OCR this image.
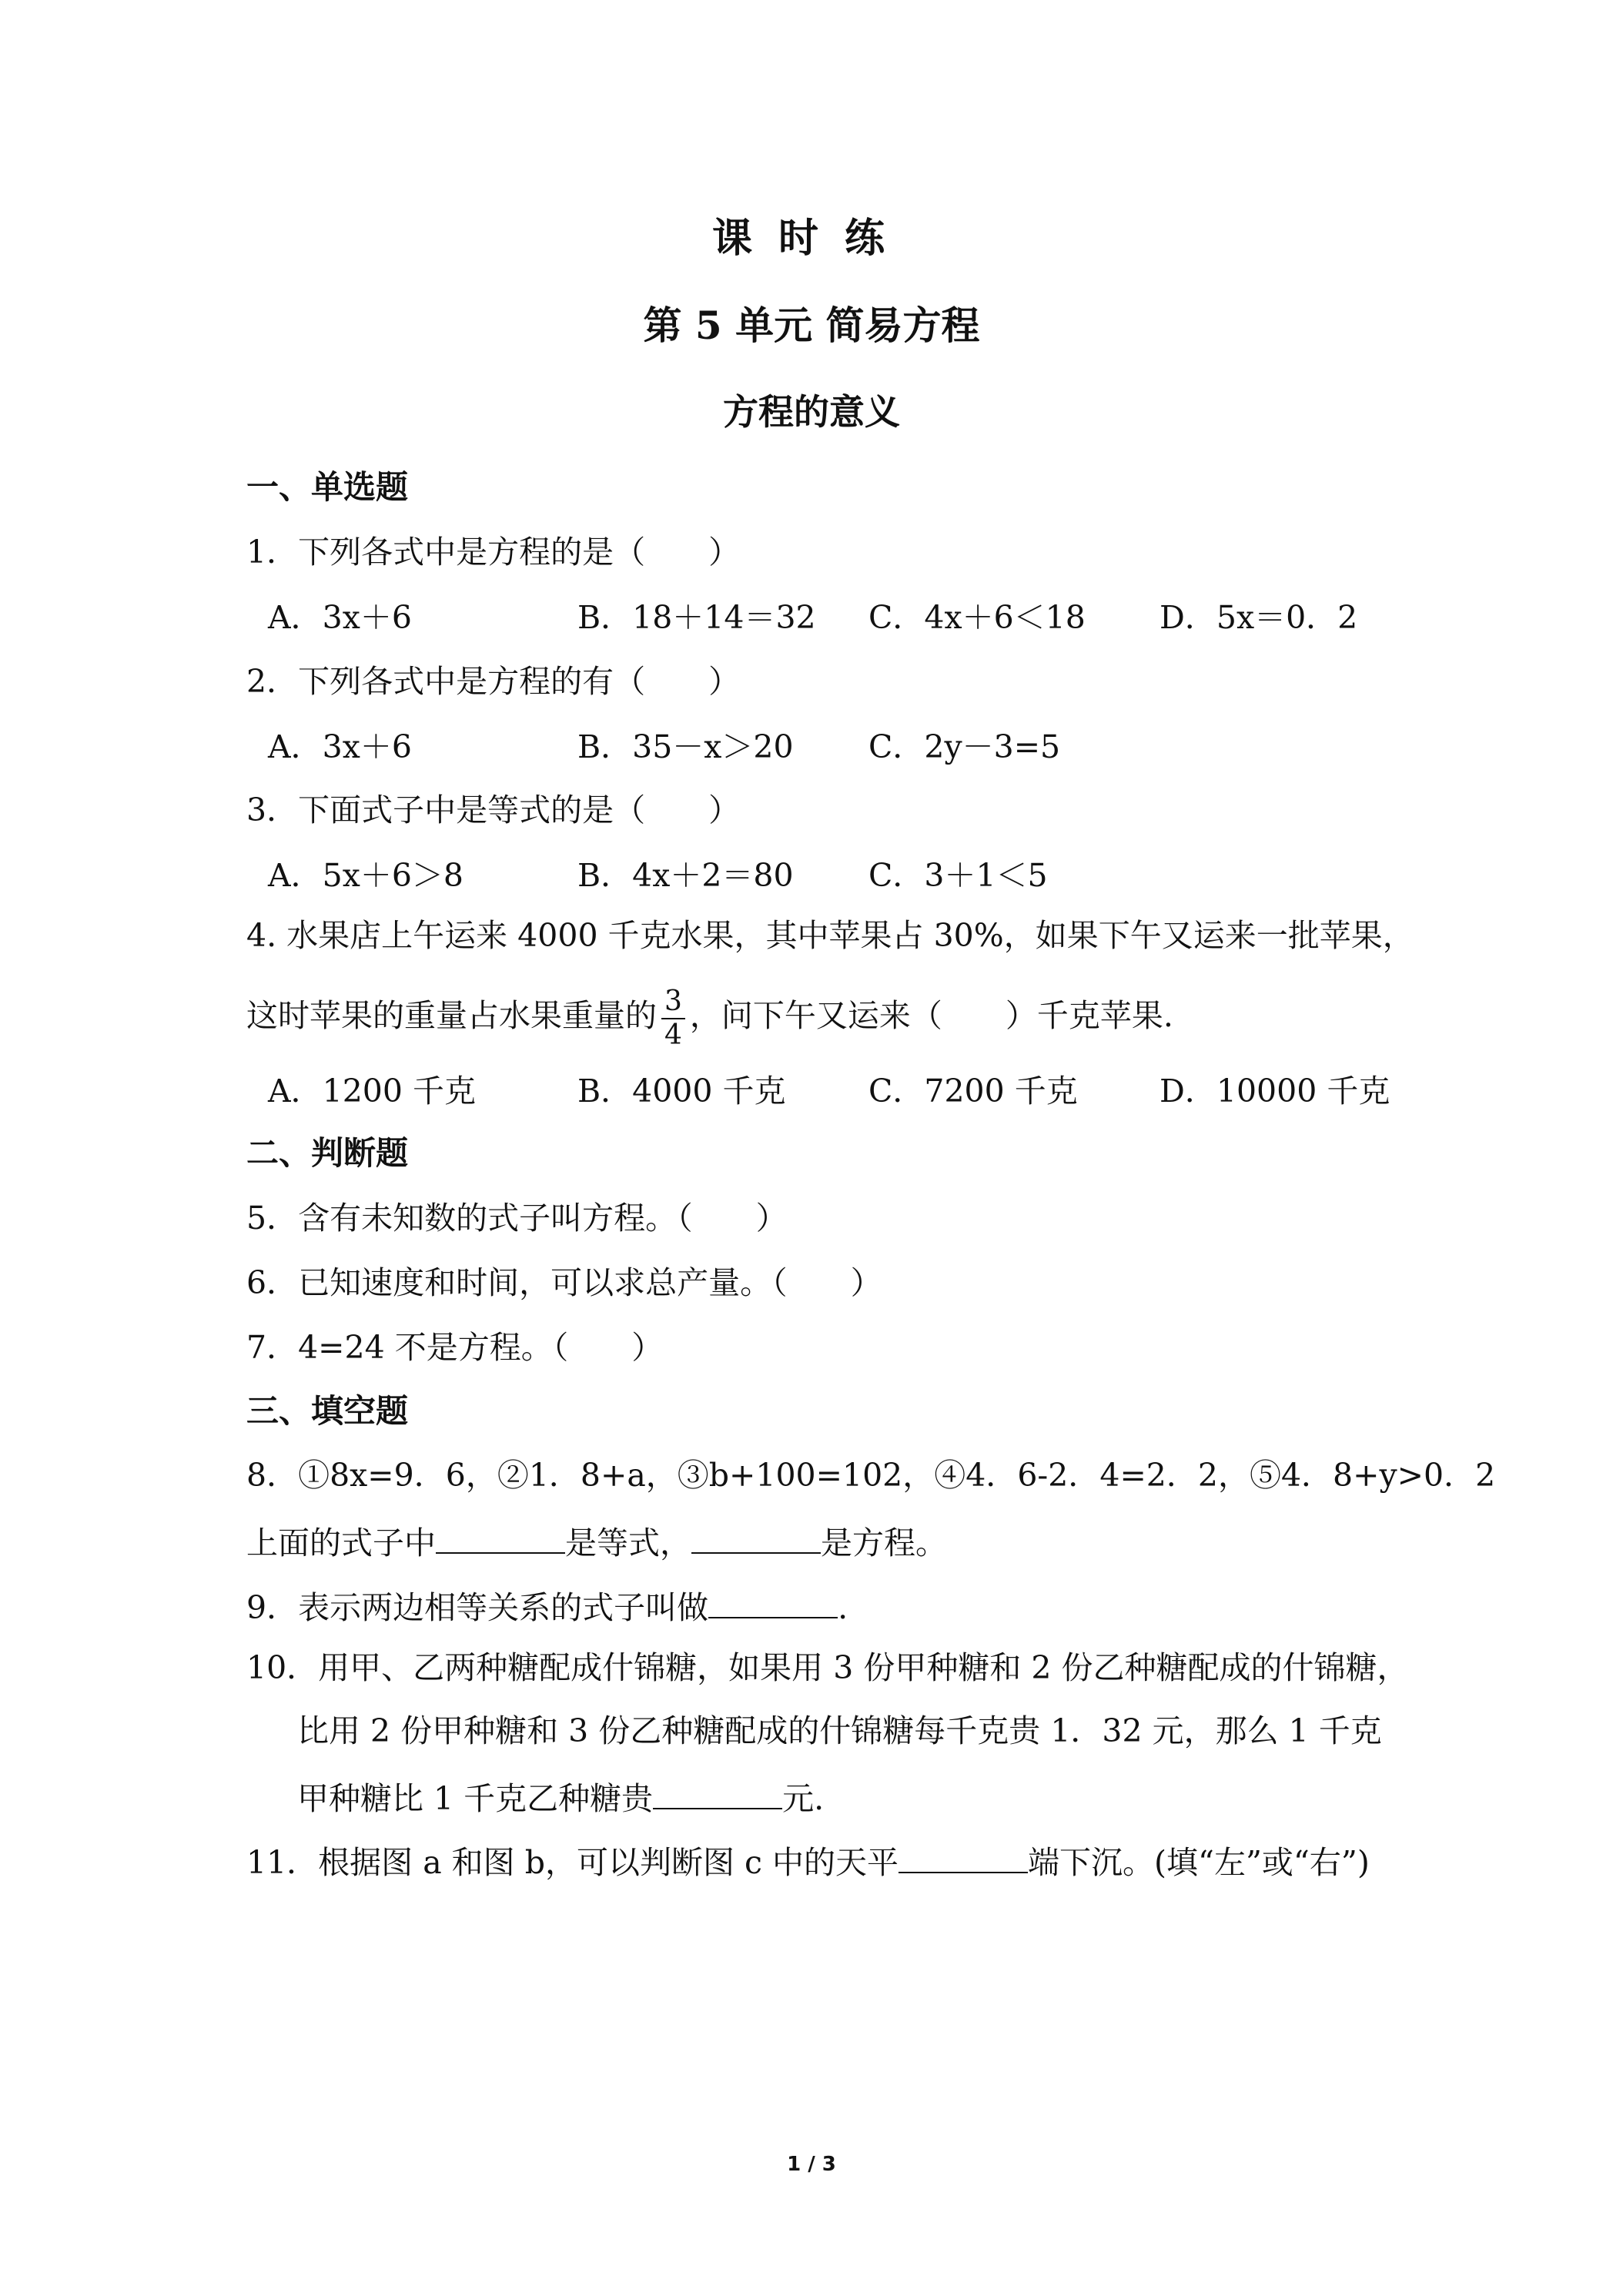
课时练
第 5 单元 简易方程
方程的意义
一、单选题
1．下列各式中是方程的是（　　）
A．3x＋6	B．18＋14＝32 C．4x＋6＜18 D．5x＝0．2
2．下列各式中是方程的有（　　）
A．3x＋6	B．35－x＞20 C．2y－3=5
3．下面式子中是等式的是（　　）
A．5x＋6＞8	B．4x＋2＝80 C．3＋1＜5
4. 水果店上午运来 4000 千克水果，其中苹果占 30%，如果下午又运来一批苹果，
这时苹果的重量占水果重量的 $\frac{3}{4}$ ，问下午又运来（　　）千克苹果.
A．1200 千克	B．4000 千克	C．7200 千克	D．10000 千克
二、判断题
5．含有未知数的式子叫方程。（　　）
6．已知速度和时间，可以求总产量。（　　）
7．4=24 不是方程。（　　）
三、填空题
8．①8x=9．6，②1．8+a，③b+100=102，④4．6-2．4=2．2，⑤4．8+y>0．2
上面的式子中	是等式，	是方程。
9．表示两边相等关系的式子叫做	.
10．用甲、乙两种糖配成什锦糖，如果用 3 份甲种糖和 2 份乙种糖配成的什锦糖，
比用 2 份甲种糖和 3 份乙种糖配成的什锦糖每千克贵 1．32 元，那么 1 千克
甲种糖比 1 千克乙种糖贵	元.
11．根据图 a 和图 b，可以判断图 c 中的天平	端下沉。(填“左”或“右”)
1 / 3
